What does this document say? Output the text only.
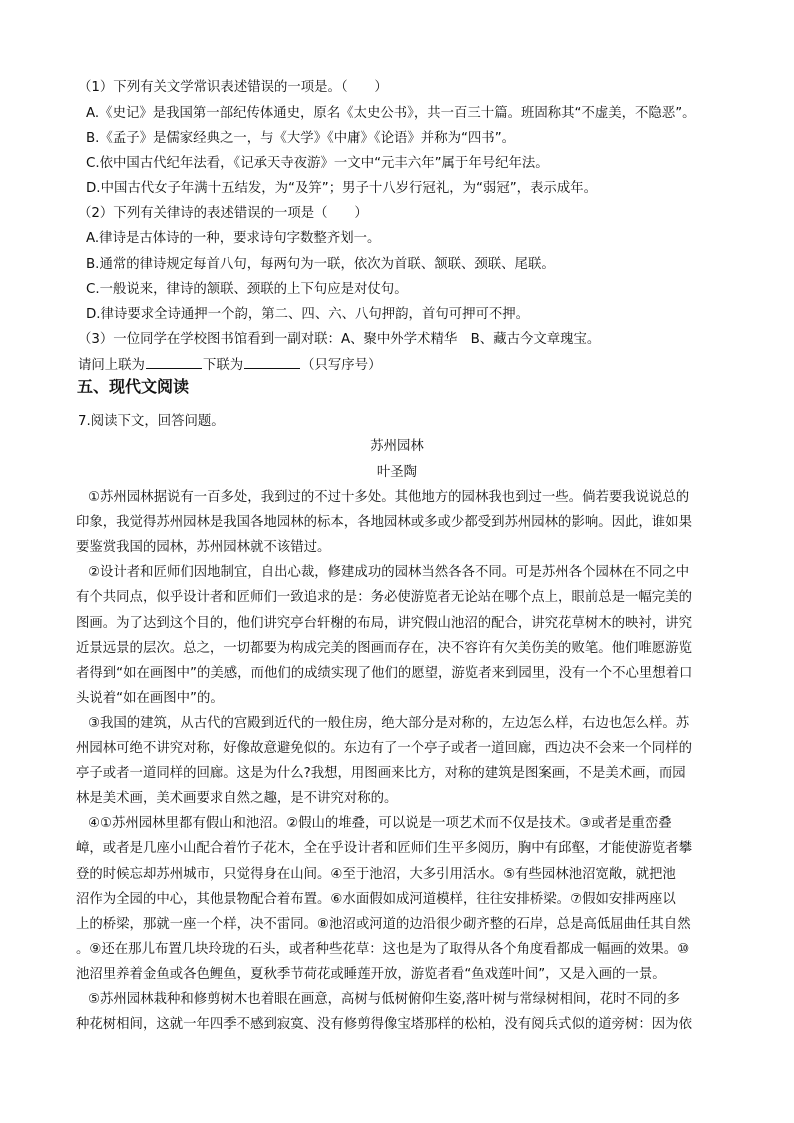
（1）下列有关文学常识表述错误的一项是。（　　）
A.《史记》是我国第一部纪传体通史，原名《太史公书》，共一百三十篇。班固称其“不虚美，不隐恶”。
B.《孟子》是儒家经典之一，与《大学》《中庸》《论语》并称为“四书”。
C.依中国古代纪年法看，《记承天寺夜游》一文中“元丰六年”属于年号纪年法。
D.中国古代女子年满十五结发，为“及笄”；男子十八岁行冠礼，为“弱冠”，表示成年。
（2）下列有关律诗的表述错误的一项是（　　）
A.律诗是古体诗的一种，要求诗句字数整齐划一。
B.通常的律诗规定每首八句，每两句为一联，依次为首联、颔联、颈联、尾联。
C.一般说来，律诗的颔联、颈联的上下句应是对仗句。
D.律诗要求全诗通押一个韵，第二、四、六、八句押韵，首句可押可不押。
（3）一位同学在学校图书馆看到一副对联：A、聚中外学术精华　B、藏古今文章瑰宝。
请问上联为	下联为	（只写序号）
五、现代文阅读
7.阅读下文，回答问题。
苏州园林
叶圣陶
①苏州园林据说有一百多处，我到过的不过十多处。其他地方的园林我也到过一些。倘若要我说说总的
印象，我觉得苏州园林是我国各地园林的标本，各地园林或多或少都受到苏州园林的影响。因此，谁如果
要鉴赏我国的园林，苏州园林就不该错过。
②设计者和匠师们因地制宜，自出心裁，修建成功的园林当然各各不同。可是苏州各个园林在不同之中
有个共同点，似乎设计者和匠师们一致追求的是：务必使游览者无论站在哪个点上，眼前总是一幅完美的
图画。为了达到这个目的，他们讲究亭台轩榭的布局，讲究假山池沼的配合，讲究花草树木的映衬，讲究
近景远景的层次。总之，一切都要为构成完美的图画而存在，决不容许有欠美伤美的败笔。他们唯愿游览
者得到“如在画图中”的美感，而他们的成绩实现了他们的愿望，游览者来到园里，没有一个不心里想着口
头说着“如在画图中”的。
③我国的建筑，从古代的宫殿到近代的一般住房，绝大部分是对称的，左边怎么样，右边也怎么样。苏
州园林可绝不讲究对称，好像故意避免似的。东边有了一个亭子或者一道回廊，西边决不会来一个同样的
亭子或者一道同样的回廊。这是为什么?我想，用图画来比方，对称的建筑是图案画，不是美术画，而园
林是美术画，美术画要求自然之趣，是不讲究对称的。
④①苏州园林里都有假山和池沼。②假山的堆叠，可以说是一项艺术而不仅是技术。③或者是重峦叠
嶂，或者是几座小山配合着竹子花木，全在乎设计者和匠师们生平多阅历，胸中有邱壑，才能使游览者攀
登的时候忘却苏州城市，只觉得身在山间。④至于池沼，大多引用活水。⑤有些园林池沼宽敞，就把池
沼作为全园的中心，其他景物配合着布置。⑥水面假如成河道模样，往往安排桥梁。⑦假如安排两座以
上的桥梁，那就一座一个样，决不雷同。⑧池沼或河道的边沿很少砌齐整的石岸，总是高低屈曲任其自然
。⑨还在那儿布置几块玲珑的石头，或者种些花草：这也是为了取得从各个角度看都成一幅画的效果。⑩
池沼里养着金鱼或各色鲤鱼，夏秋季节荷花或睡莲开放，游览者看“鱼戏莲叶间”，又是入画的一景。
⑤苏州园林栽种和修剪树木也着眼在画意，高树与低树俯仰生姿,落叶树与常绿树相间，花时不同的多
种花树相间，这就一年四季不感到寂寞、没有修剪得像宝塔那样的松柏，没有阅兵式似的道旁树：因为依
